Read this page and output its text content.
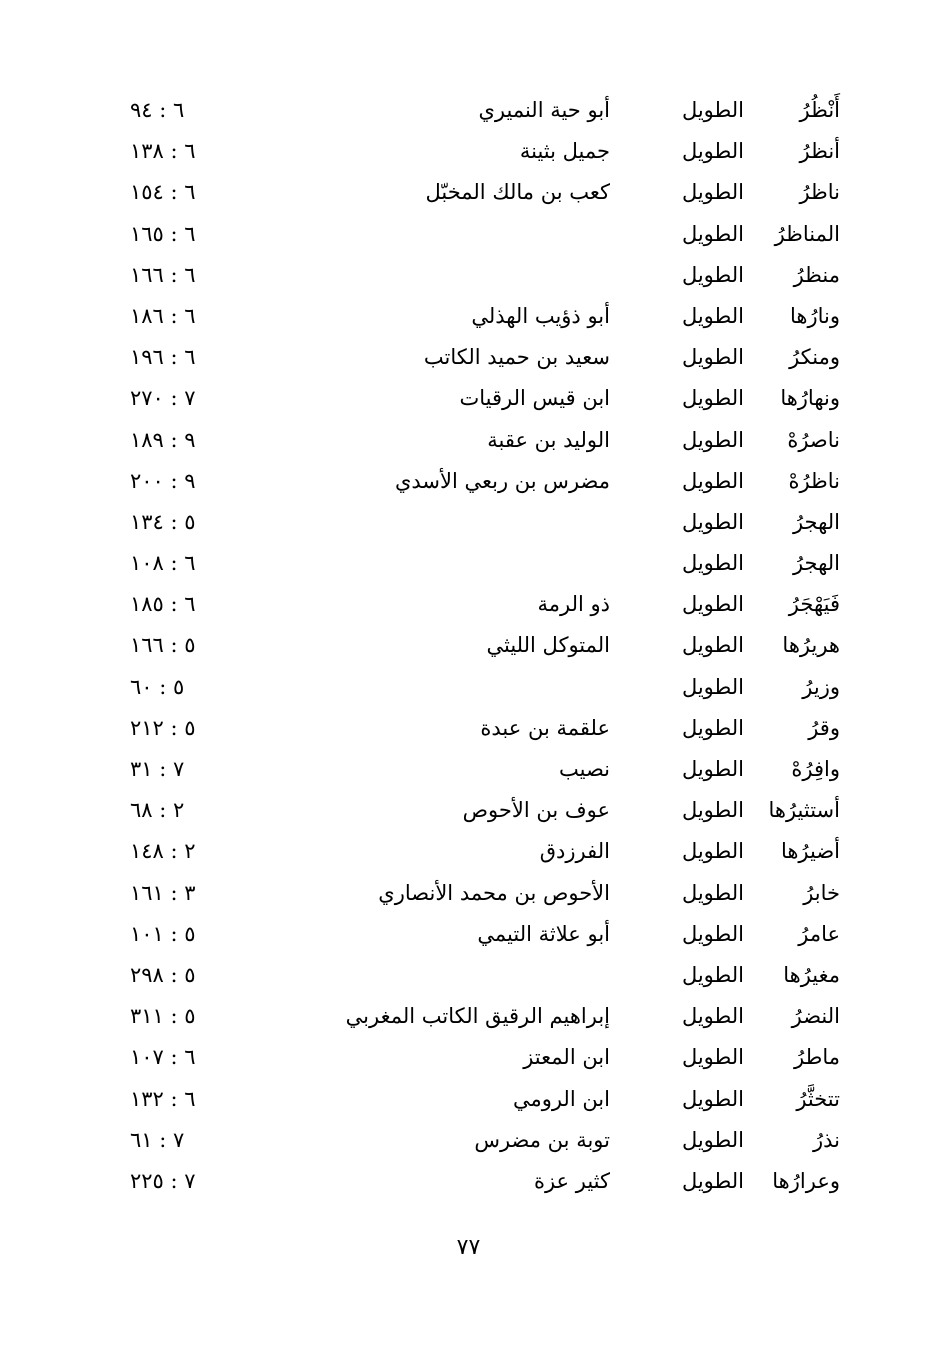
أَنْظُرُ
الطويل
أبو حية النميري
٦ : ٩٤
أنظرُ
الطويل
جميل بثينة
٦ : ١٣٨
ناظرُ
الطويل
كعب بن مالك المخبّل
٦ : ١٥٤
المناظرُ
الطويل
٦ : ١٦٥
منظرُ
الطويل
٦ : ١٦٦
ونارُها
الطويل
أبو ذؤيب الهذلي
٦ : ١٨٦
ومنكرُ
الطويل
سعيد بن حميد الكاتب
٦ : ١٩٦
ونهارُها
الطويل
ابن قيس الرقيات
٧ : ٢٧٠
ناصرُهْ
الطويل
الوليد بن عقبة
٩ : ١٨٩
ناظرُهْ
الطويل
مضرس بن ربعي الأسدي
٩ : ٢٠٠
الهجرُ
الطويل
٥ : ١٣٤
الهجرُ
الطويل
٦ : ١٠٨
فَيَهْجَرُ
الطويل
ذو الرمة
٦ : ١٨٥
هريرُها
الطويل
المتوكل الليثي
٥ : ١٦٦
وزيرُ
الطويل
٥ : ٦٠
وقرُ
الطويل
علقمة بن عبدة
٥ : ٢١٢
وافِرُهْ
الطويل
نصيب
٧ : ٣١
أستثيرُها
الطويل
عوف بن الأحوص
٢ : ٦٨
أضيرُها
الطويل
الفرزدق
٢ : ١٤٨
خابرُ
الطويل
الأحوص بن محمد الأنصاري
٣ : ١٦١
عامرُ
الطويل
أبو علاثة التيمي
٥ : ١٠١
مغيرُها
الطويل
٥ : ٢٩٨
النضرُ
الطويل
إبراهيم الرقيق الكاتب المغربي
٥ : ٣١١
ماطرُ
الطويل
ابن المعتز
٦ : ١٠٧
تتخثَّرُ
الطويل
ابن الرومي
٦ : ١٣٢
نذرُ
الطويل
توبة بن مضرس
٧ : ٦١
وعرارُها
الطويل
كثير عزة
٧ : ٢٢٥
٧٧
